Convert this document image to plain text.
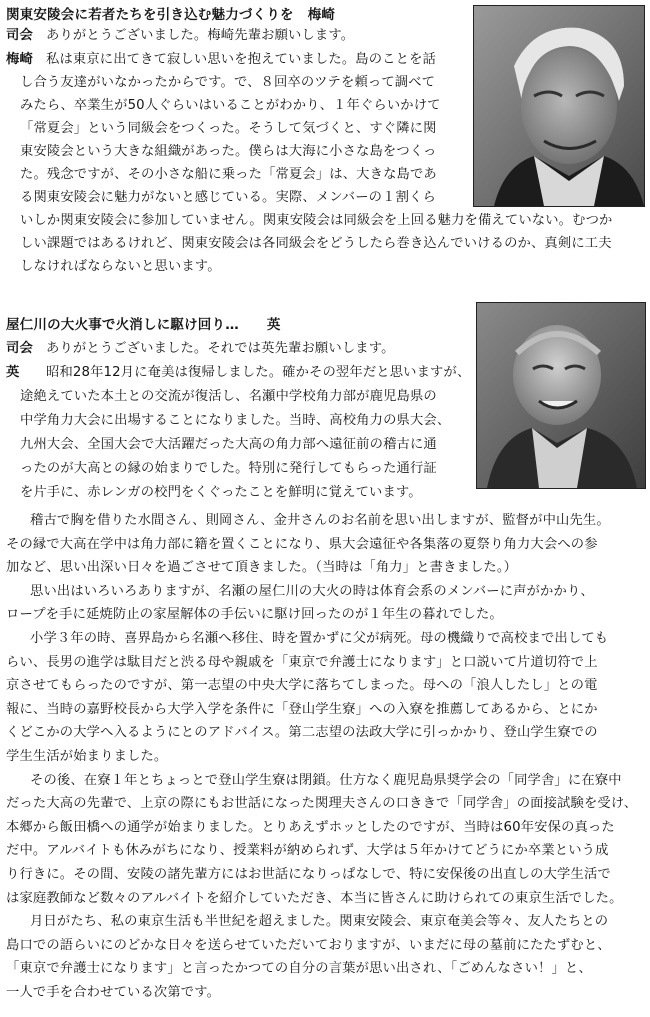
関東安陵会に若者たちを引き込む魅力づくりを 梅崎
司会 ありがとうございました。梅崎先輩お願いします。
梅崎 私は東京に出てきて寂しい思いを抱えていました。島のことを話
し合う友達がいなかったからです。で、８回卒のツテを頼って調べて
みたら、卒業生が50人ぐらいはいることがわかり、１年ぐらいかけて
「常夏会」という同級会をつくった。そうして気づくと、すぐ隣に関
東安陵会という大きな組織があった。僕らは大海に小さな島をつくっ
た。残念ですが、その小さな船に乗った「常夏会」は、大きな島であ
る関東安陵会に魅力がないと感じている。実際、メンバーの１割くら
いしか関東安陵会に参加していません。関東安陵会は同級会を上回る魅力を備えていない。むつか
しい課題ではあるけれど、関東安陵会は各同級会をどうしたら巻き込んでいけるのか、真剣に工夫
しなければならないと思います。
屋仁川の大火事で火消しに駆け回り… 英
司会 ありがとうございました。それでは英先輩お願いします。
英 昭和28年12月に奄美は復帰しました。確かその翌年だと思いますが、
途絶えていた本土との交流が復活し、名瀬中学校角力部が鹿児島県の
中学角力大会に出場することになりました。当時、高校角力の県大会、
九州大会、全国大会で大活躍だった大高の角力部へ遠征前の稽古に通
ったのが大高との縁の始まりでした。特別に発行してもらった通行証
を片手に、赤レンガの校門をくぐったことを鮮明に覚えています。
稽古で胸を借りた水間さん、則岡さん、金井さんのお名前を思い出しますが、監督が中山先生。
その縁で大高在学中は角力部に籍を置くことになり、県大会遠征や各集落の夏祭り角力大会への参
加など、思い出深い日々を過ごさせて頂きました。（当時は「角力」と書きました。）
思い出はいろいろありますが、名瀬の屋仁川の大火の時は体育会系のメンバーに声がかかり、
ロープを手に延焼防止の家屋解体の手伝いに駆け回ったのが１年生の暮れでした。
小学３年の時、喜界島から名瀬へ移住、時を置かずに父が病死。母の機織りで高校まで出しても
らい、長男の進学は駄目だと渋る母や親戚を「東京で弁護士になります」と口説いて片道切符で上
京させてもらったのですが、第一志望の中央大学に落ちてしまった。母への「浪人したし」との電
報に、当時の嘉野校長から大学入学を条件に「登山学生寮」への入寮を推薦してあるから、とにか
くどこかの大学へ入るようにとのアドバイス。第二志望の法政大学に引っかかり、登山学生寮での
学生生活が始まりました。
その後、在寮１年とちょっとで登山学生寮は閉鎖。仕方なく鹿児島県奨学会の「同学舎」に在寮中
だった大高の先輩で、上京の際にもお世話になった関理夫さんの口ききで「同学舎」の面接試験を受け、
本郷から飯田橋への通学が始まりました。とりあえずホッとしたのですが、当時は60年安保の真った
だ中。アルバイトも休みがちになり、授業料が納められず、大学は５年かけてどうにか卒業という成
り行きに。その間、安陵の諸先輩方にはお世話になりっぱなしで、特に安保後の出直しの大学生活で
は家庭教師など数々のアルバイトを紹介していただき、本当に皆さんに助けられての東京生活でした。
月日がたち、私の東京生活も半世紀を超えました。関東安陵会、東京奄美会等々、友人たちとの
島口での語らいにのどかな日々を送らせていただいておりますが、いまだに母の墓前にたたずむと、
「東京で弁護士になります」と言ったかつての自分の言葉が思い出され、「ごめんなさい！」と、
一人で手を合わせている次第です。
